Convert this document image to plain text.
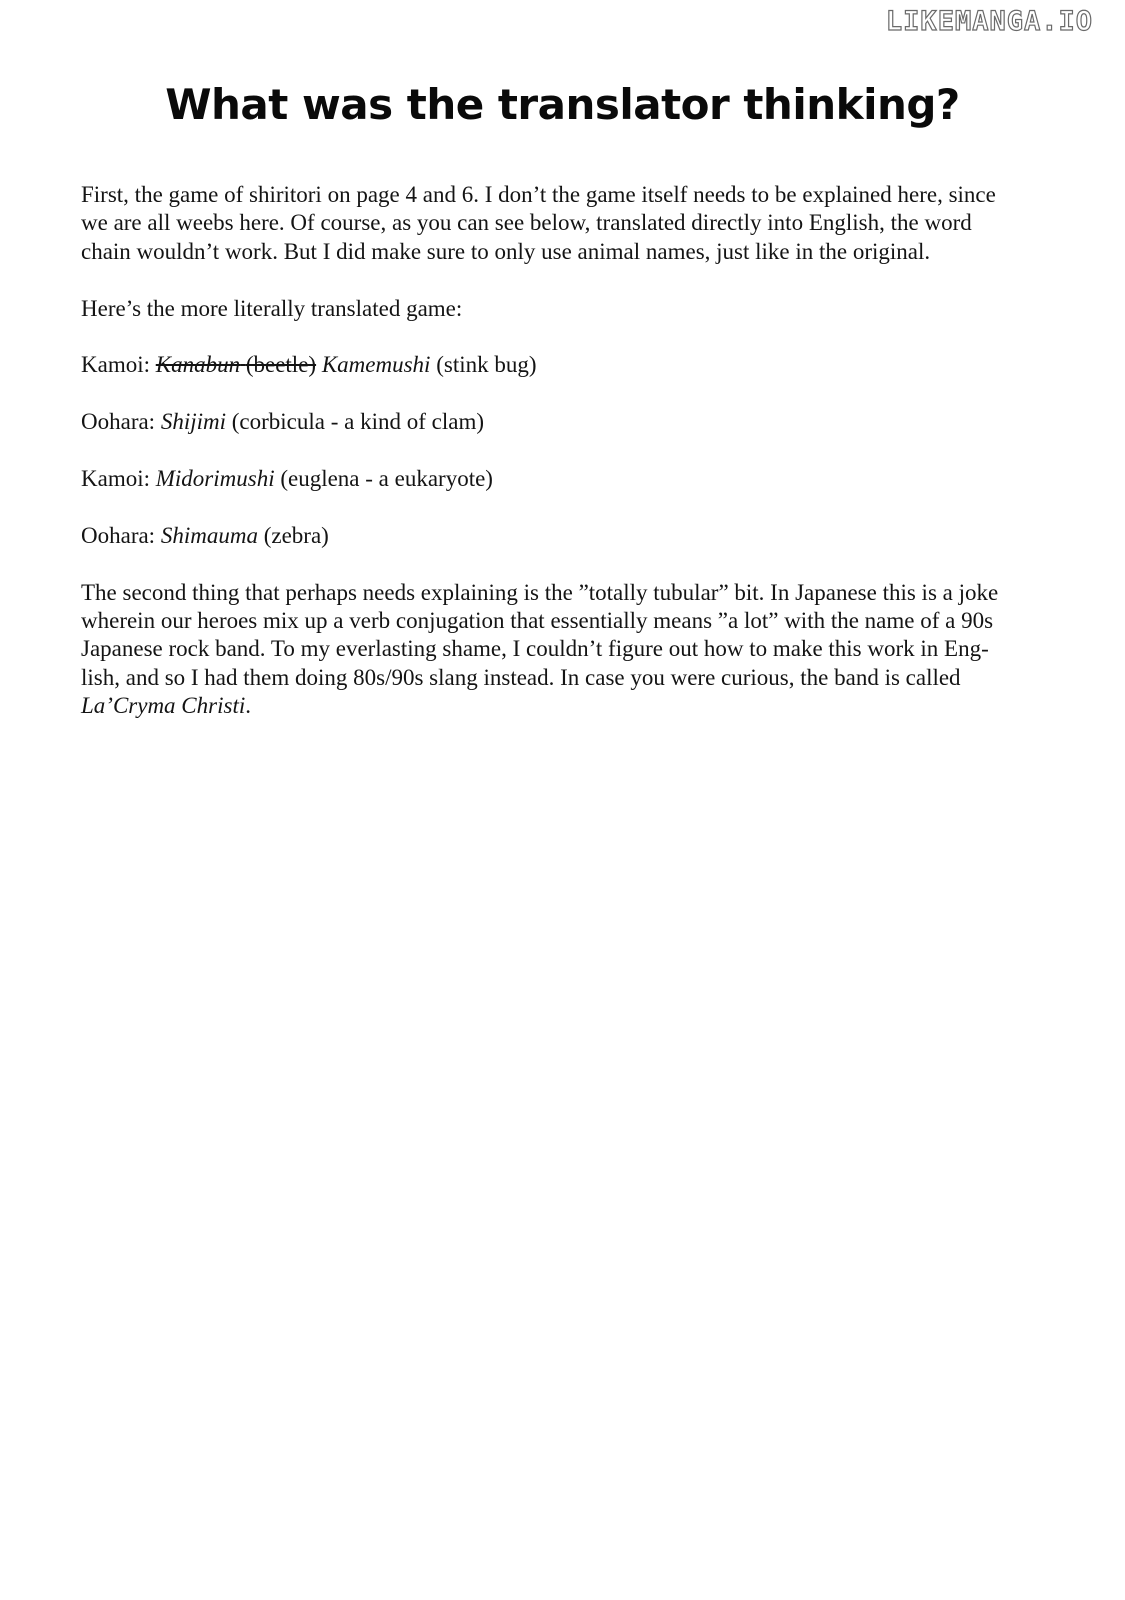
LIKEMANGA.IO
What was the translator thinking?

First, the game of shiritori on page 4 and 6. I don’t the game itself needs to be explained here, since
we are all weebs here. Of course, as you can see below, translated directly into English, the word
chain wouldn’t work. But I did make sure to only use animal names, just like in the original.

Here’s the more literally translated game:

Kamoi: Kanabun (beetle) Kamemushi (stink bug)

Oohara: Shijimi (corbicula - a kind of clam)

Kamoi: Midorimushi (euglena - a eukaryote)

Oohara: Shimauma (zebra)

The second thing that perhaps needs explaining is the ”totally tubular” bit. In Japanese this is a joke
wherein our heroes mix up a verb conjugation that essentially means ”a lot” with the name of a 90s
Japanese rock band. To my everlasting shame, I couldn’t figure out how to make this work in Eng-
lish, and so I had them doing 80s/90s slang instead. In case you were curious, the band is called
La’Cryma Christi.
